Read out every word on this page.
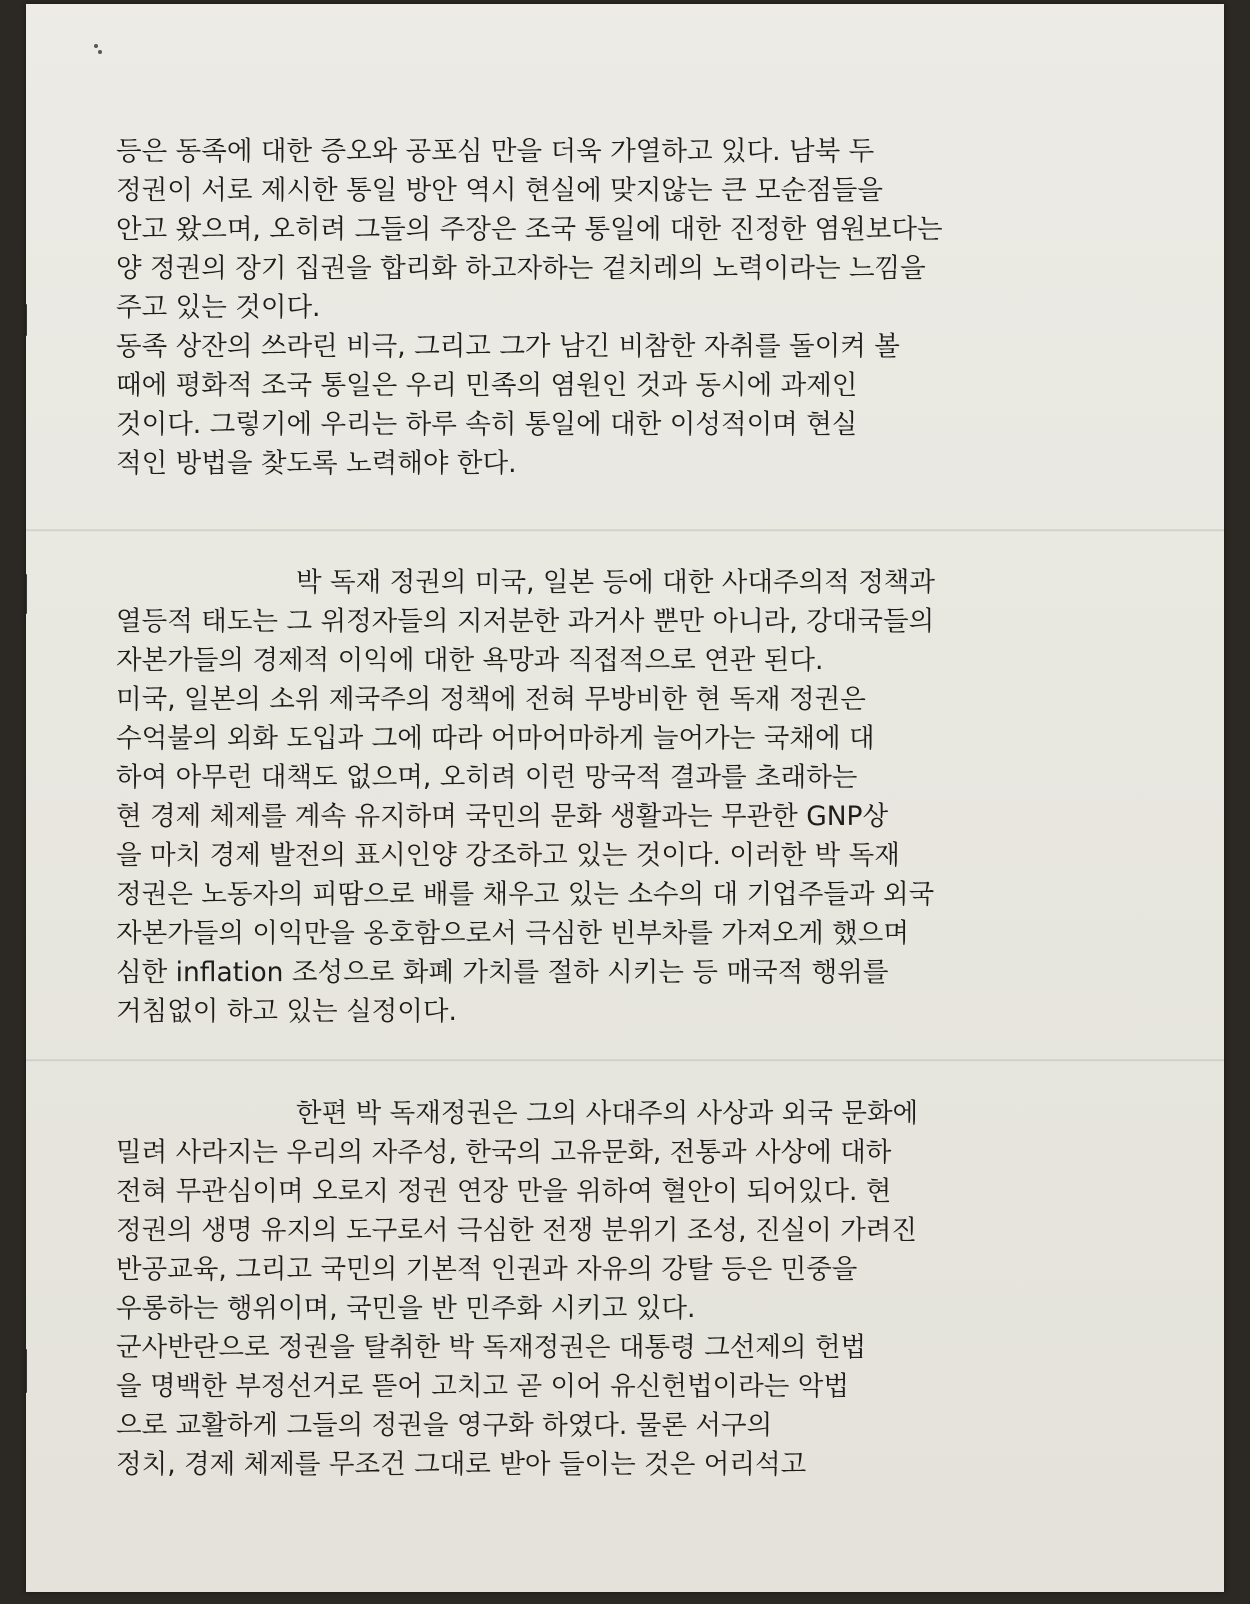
등은 동족에 대한 증오와 공포심 만을 더욱 가열하고 있다. 남북 두

정권이 서로 제시한 통일 방안 역시 현실에 맞지않는 큰 모순점들을

안고 왔으며, 오히려 그들의 주장은 조국 통일에 대한 진정한 염원보다는

양 정권의 장기 집권을 합리화 하고자하는 겉치레의 노력이라는 느낌을

주고 있는 것이다.

동족 상잔의 쓰라린 비극, 그리고 그가 남긴 비참한 자취를 돌이켜 볼

때에 평화적 조국 통일은 우리 민족의 염원인 것과 동시에 과제인

것이다. 그렇기에 우리는 하루 속히 통일에 대한 이성적이며 현실

적인 방법을 찾도록 노력해야 한다.

박 독재 정권의 미국, 일본 등에 대한 사대주의적 정책과

열등적 태도는 그 위정자들의 지저분한 과거사 뿐만 아니라, 강대국들의

자본가들의 경제적 이익에 대한 욕망과 직접적으로 연관 된다.

미국, 일본의 소위 제국주의 정책에 전혀 무방비한 현 독재 정권은

수억불의 외화 도입과 그에 따라 어마어마하게 늘어가는 국채에 대

하여 아무런 대책도 없으며, 오히려 이런 망국적 결과를 초래하는

현 경제 체제를 계속 유지하며 국민의 문화 생활과는 무관한 GNP상

을 마치 경제 발전의 표시인양 강조하고 있는 것이다. 이러한 박 독재

정권은 노동자의 피땀으로 배를 채우고 있는 소수의 대 기업주들과 외국

자본가들의 이익만을 옹호함으로서 극심한 빈부차를 가져오게 했으며

심한 inflation 조성으로 화폐 가치를 절하 시키는 등 매국적 행위를

거침없이 하고 있는 실정이다.

한편 박 독재정권은 그의 사대주의 사상과 외국 문화에

밀려 사라지는 우리의 자주성, 한국의 고유문화, 전통과 사상에 대하

전혀 무관심이며 오로지 정권 연장 만을 위하여 혈안이 되어있다. 현

정권의 생명 유지의 도구로서 극심한 전쟁 분위기 조성, 진실이 가려진

반공교육, 그리고 국민의 기본적 인권과 자유의 강탈 등은 민중을

우롱하는 행위이며, 국민을 반 민주화 시키고 있다.

군사반란으로 정권을 탈취한 박 독재정권은 대통령 그선제의 헌법

을 명백한 부정선거로 뜯어 고치고 곧 이어 유신헌법이라는 악법

으로 교활하게 그들의 정권을 영구화 하였다. 물론 서구의

정치, 경제 체제를 무조건 그대로 받아 들이는 것은 어리석고
